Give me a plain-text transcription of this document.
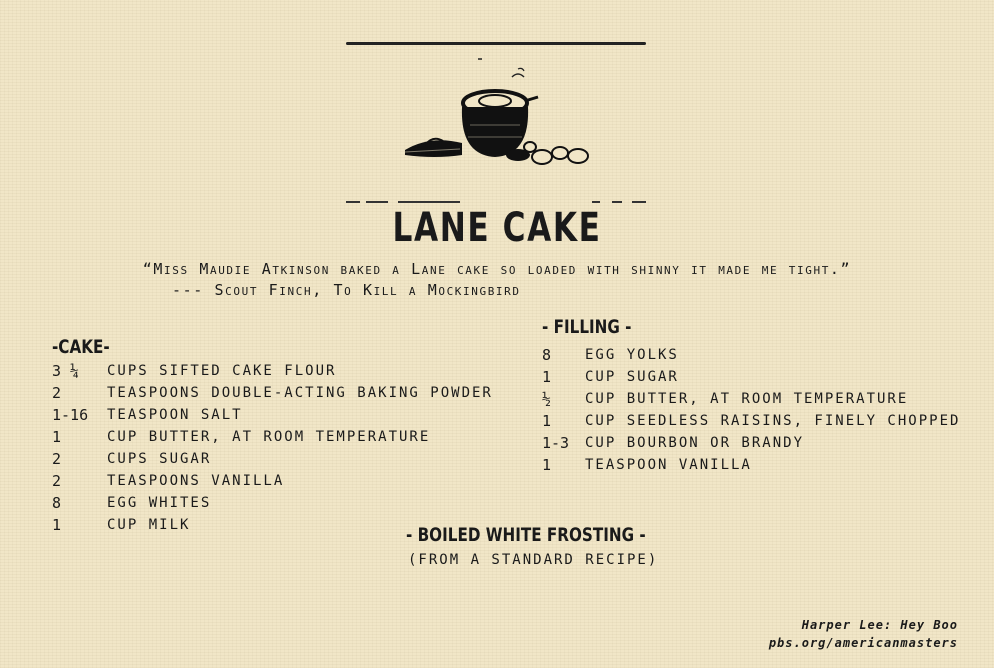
LANE CAKE
“Miss Maudie Atkinson baked a Lane cake so loaded with shinny it made me tight.”
--- Scout Finch, To Kill a Mockingbird
-CAKE-
3 ¼	CUPS SIFTED CAKE FLOUR
2	TEASPOONS DOUBLE-ACTING BAKING POWDER
1-16	TEASPOON SALT
1	CUP BUTTER, AT ROOM TEMPERATURE
2	CUPS SUGAR
2	TEASPOONS VANILLA
8	EGG WHITES
1	CUP MILK
- FILLING -
8	EGG YOLKS
1	CUP SUGAR
½	CUP BUTTER, AT ROOM TEMPERATURE
1	CUP SEEDLESS RAISINS, FINELY CHOPPED
1-3	CUP BOURBON OR BRANDY
1	TEASPOON VANILLA
- BOILED WHITE FROSTING -
(FROM A STANDARD RECIPE)
Harper Lee: Hey Boo
pbs.org/americanmasters
